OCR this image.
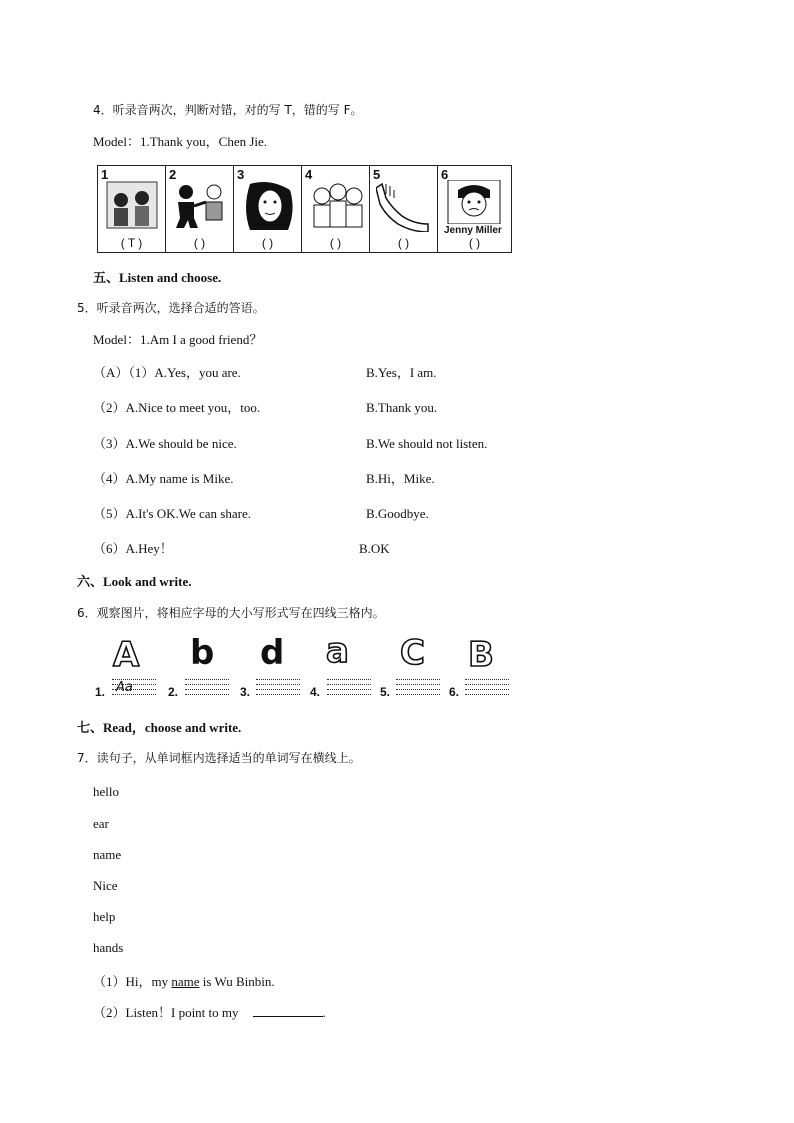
4．听录音两次，判断对错，对的写 T，错的写 F。
Model：1.Thank you，Chen Jie.
1
( T )
2
( )
3
( )
4
( )
5
( )
6
Jenny Miller
( )
五、Listen and choose.
5．听录音两次，选择合适的答语。
Model：1.Am I a good friend？
（A）（1）A.Yes，you are.	B.Yes，I am.
（2）A.Nice to meet you，too.	B.Thank you.
（3）A.We should be nice.	B.We should not listen.
（4）A.My name is Mike.	B.Hi，Mike.
（5）A.It's OK.We can share.	B.Goodbye.
（6）A.Hey！	B.OK
六、Look and write.
6．观察图片，将相应字母的大小写形式写在四线三格内。
A b d a C B
1. Aa	2.	3.	4.	5.	6.
七、Read，choose and write.
7．读句子，从单词框内选择适当的单词写在横线上。
hello
ear
name
Nice
help
hands
（1）Hi，my name is Wu Binbin.
（2）Listen！I point to my	.
